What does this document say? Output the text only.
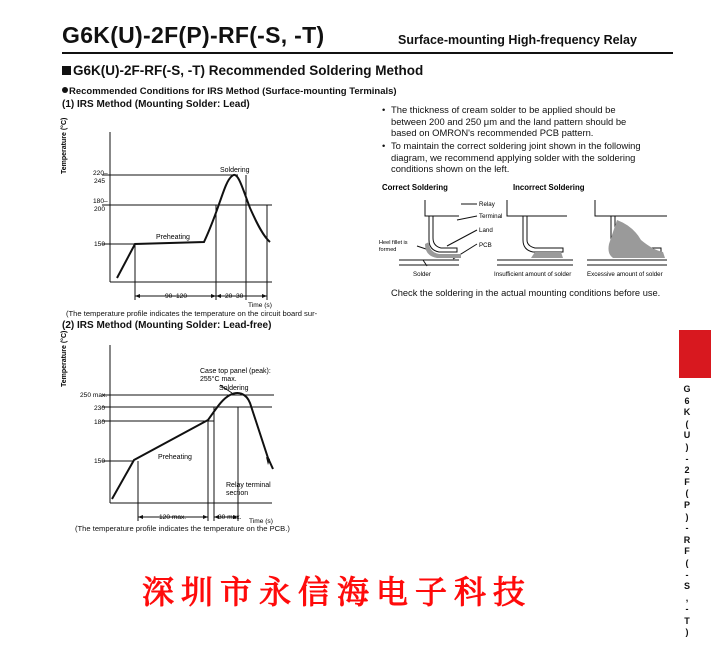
G6K(U)-2F(P)-RF(-S, -T)	Surface-mounting High-frequency Relay
G6K(U)-2F-RF(-S, -T) Recommended Soldering Method
Recommended Conditions for IRS Method (Surface-mounting Terminals)
(1) IRS Method (Mounting Solder: Lead)
Temperature (°C)	220–
245
180–
200
150
Preheating
Soldering
90–120	20–30
Time (s)
(The temperature profile indicates the temperature on the circuit board sur-
(2) IRS Method (Mounting Solder: Lead-free)
Temperature (°C)
250 max.
230
180
150
Case top panel (peak):
255°C max.
Soldering
Preheating
Relay terminal
section
120 max.	30 max.
Time (s)
(The temperature profile indicates the temperature on the PCB.)
• The thickness of cream solder to be applied should be
between 200 and 250 μm and the land pattern should be
based on OMRON's recommended PCB pattern.
• To maintain the correct soldering joint shown in the following
diagram, we recommend applying solder with the soldering
conditions shown on the left.
Correct Soldering	Incorrect Soldering
Relay
Terminal
Land
PCB
Heel fillet is
formed
Solder	Insufficient amount of solder	Excessive amount of solder
Check the soldering in the actual mounting conditions before use.
G
6
K
(
U
)
-
2
F
(
P
)
-
R
F
(
-
S
,
-
T
)
深圳市永信海电子科技
